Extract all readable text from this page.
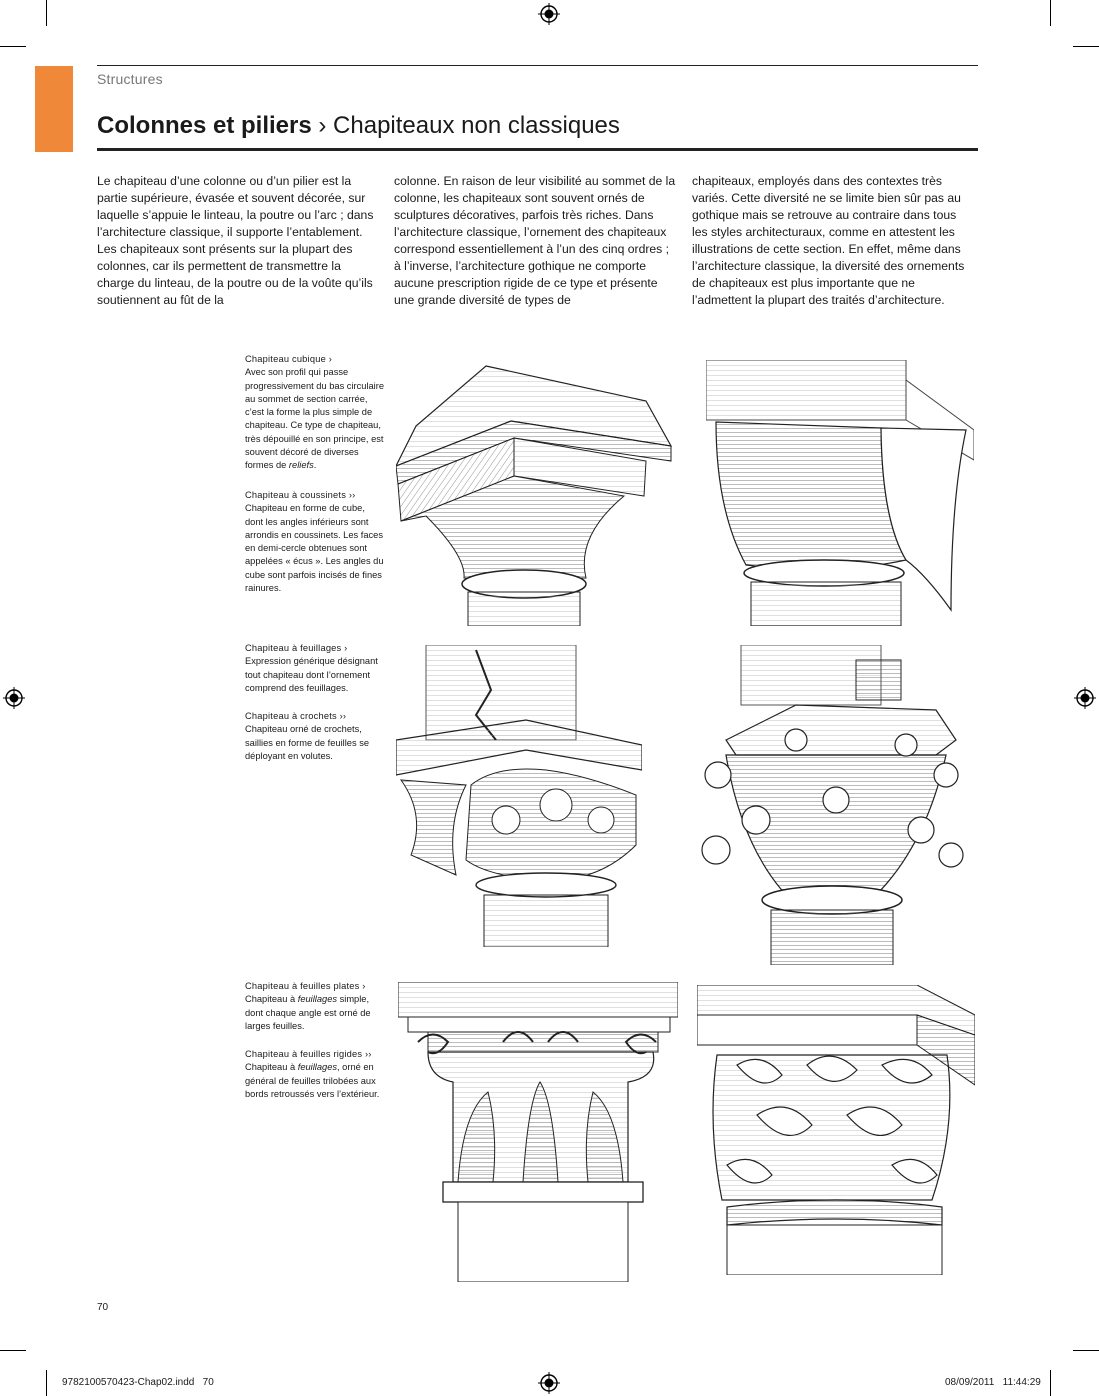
Structures
Colonnes et piliers › Chapiteaux non classiques
Le chapiteau d’une colonne ou d’un pilier est la partie supérieure, évasée et souvent décorée, sur laquelle s’appuie le linteau, la poutre ou l’arc ; dans l’architecture classique, il supporte l’entablement. Les chapiteaux sont présents sur la plupart des colonnes, car ils permettent de transmettre la charge du linteau, de la poutre ou de la voûte qu’ils soutiennent au fût de la
colonne. En raison de leur visibilité au sommet de la colonne, les chapiteaux sont souvent ornés de sculptures décoratives, parfois très riches. Dans l’architecture classique, l’ornement des chapiteaux correspond essentiellement à l’un des cinq ordres ; à l’inverse, l’architecture gothique ne comporte aucune prescription rigide de ce type et présente une grande diversité de types de
chapiteaux, employés dans des contextes très variés. Cette diversité ne se limite bien sûr pas au gothique mais se retrouve au contraire dans tous les styles architecturaux, comme en attestent les illustrations de cette section. En effet, même dans l’architecture classique, la diversité des ornements de chapiteaux est plus importante que ne l’admettent la plupart des traités d’architecture.
Chapiteau cubique ›
Avec son profil qui passe progressivement du bas circulaire au sommet de section carrée, c’est la forme la plus simple de chapiteau. Ce type de chapiteau, très dépouillé en son principe, est souvent décoré de diverses formes de reliefs.
Chapiteau à coussinets ››
Chapiteau en forme de cube, dont les angles inférieurs sont arrondis en coussinets. Les faces en demi-cercle obtenues sont appelées « écus ». Les angles du cube sont parfois incisés de fines rainures.
Chapiteau à feuillages ›
Expression générique désignant tout chapiteau dont l’ornement comprend des feuillages.
Chapiteau à crochets ››
Chapiteau orné de crochets, saillies en forme de feuilles se déployant en volutes.
Chapiteau à feuilles plates ›
Chapiteau à feuillages simple, dont chaque angle est orné de larges feuilles.
Chapiteau à feuilles rigides ››
Chapiteau à feuillages, orné en général de feuilles trilobées aux bords retroussés vers l’extérieur.
70
9782100570423-Chap02.indd   70	08/09/2011   11:44:29
